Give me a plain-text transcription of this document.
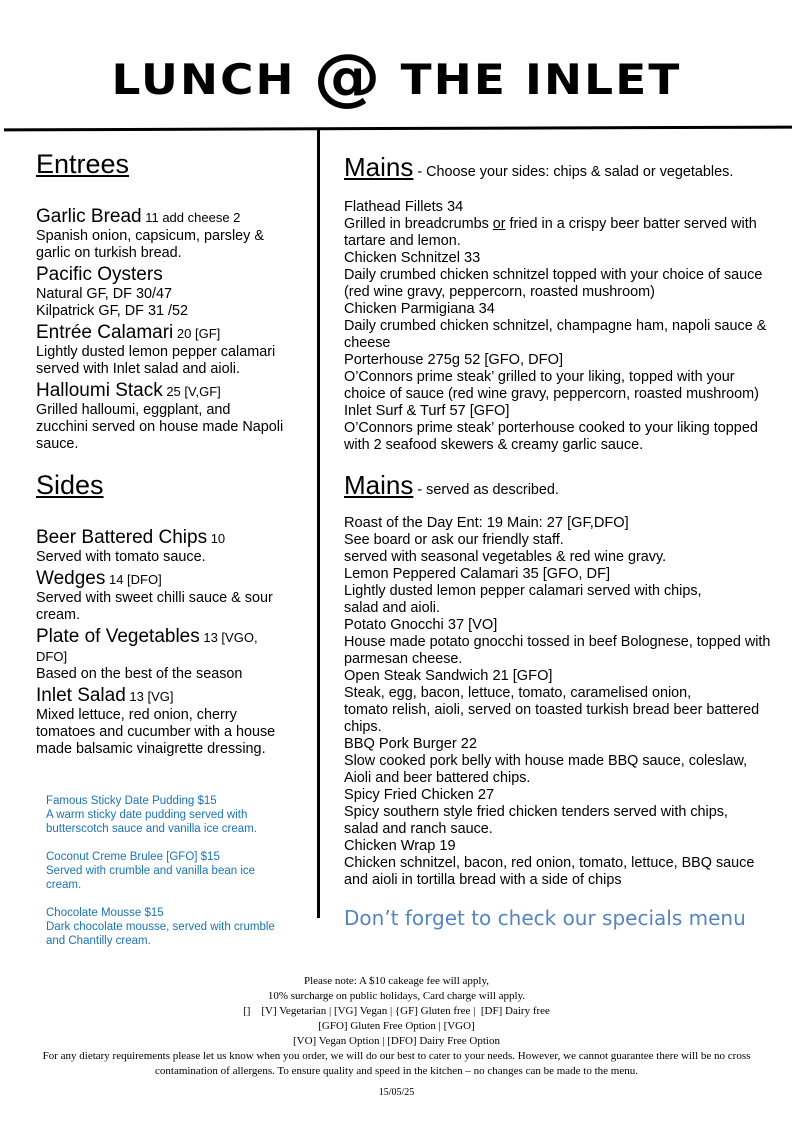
LUNCH @ THE INLET
Entrees
Garlic Bread 11 add cheese 2
Spanish onion, capsicum, parsley & garlic on turkish bread.
Pacific Oysters
Natural GF, DF 30/47
Kilpatrick GF, DF 31 /52
Entrée Calamari 20 [GF]
Lightly dusted lemon pepper calamari served with Inlet salad and aioli.
Halloumi Stack 25 [V,GF]
Grilled halloumi, eggplant, and zucchini served on house made Napoli sauce.
Sides
Beer Battered Chips 10
Served with tomato sauce.
Wedges 14 [DFO]
Served with sweet chilli sauce & sour cream.
Plate of Vegetables 13 [VGO, DFO]
Based on the best of the season
Inlet Salad 13 [VG]
Mixed lettuce, red onion, cherry tomatoes and cucumber with a house made balsamic vinaigrette dressing.
Famous Sticky Date Pudding $15
A warm sticky date pudding served with butterscotch sauce and vanilla ice cream.
Coconut Creme Brulee [GFO] $15
Served with crumble and vanilla bean ice cream.
Chocolate Mousse $15
Dark chocolate mousse, served with crumble and Chantilly cream.
Mains - Choose your sides: chips & salad or vegetables.
Flathead Fillets 34
Grilled in breadcrumbs or fried in a crispy beer batter served with tartare and lemon.
Chicken Schnitzel 33
Daily crumbed chicken schnitzel topped with your choice of sauce (red wine gravy, peppercorn, roasted mushroom)
Chicken Parmigiana 34
Daily crumbed chicken schnitzel, champagne ham, napoli sauce & cheese
Porterhouse 275g 52 [GFO, DFO]
O’Connors prime steak’ grilled to your liking, topped with your choice of sauce (red wine gravy, peppercorn, roasted mushroom)
Inlet Surf & Turf 57 [GFO]
O’Connors prime steak’ porterhouse cooked to your liking topped with 2 seafood skewers & creamy garlic sauce.
Mains - served as described.
Roast of the Day Ent: 19 Main: 27 [GF,DFO]
See board or ask our friendly staff.
served with seasonal vegetables & red wine gravy.
Lemon Peppered Calamari 35 [GFO, DF]
Lightly dusted lemon pepper calamari served with chips,
salad and aioli.
Potato Gnocchi 37 [VO]
House made potato gnocchi tossed in beef Bolognese, topped with parmesan cheese.
Open Steak Sandwich 21 [GFO]
Steak, egg, bacon, lettuce, tomato, caramelised onion,
tomato relish, aioli, served on toasted turkish bread beer battered chips.
BBQ Pork Burger 22
Slow cooked pork belly with house made BBQ sauce, coleslaw,
Aioli and beer battered chips.
Spicy Fried Chicken 27
Spicy southern style fried chicken tenders served with chips,
salad and ranch sauce.
Chicken Wrap 19
Chicken schnitzel, bacon, red onion, tomato, lettuce, BBQ sauce and aioli in tortilla bread with a side of chips
Don’t forget to check our specials menu
Please note: A $10 cakeage fee will apply,
10% surcharge on public holidays, Card charge will apply.
[]    [V] Vegetarian | [VG] Vegan | {GF] Gluten free |  [DF] Dairy free
[GFO] Gluten Free Option | [VGO]
[VO] Vegan Option | [DFO] Dairy Free Option
For any dietary requirements please let us know when you order, we will do our best to cater to your needs. However, we cannot guarantee there will be no cross contamination of allergens. To ensure quality and speed in the kitchen – no changes can be made to the menu.
15/05/25
